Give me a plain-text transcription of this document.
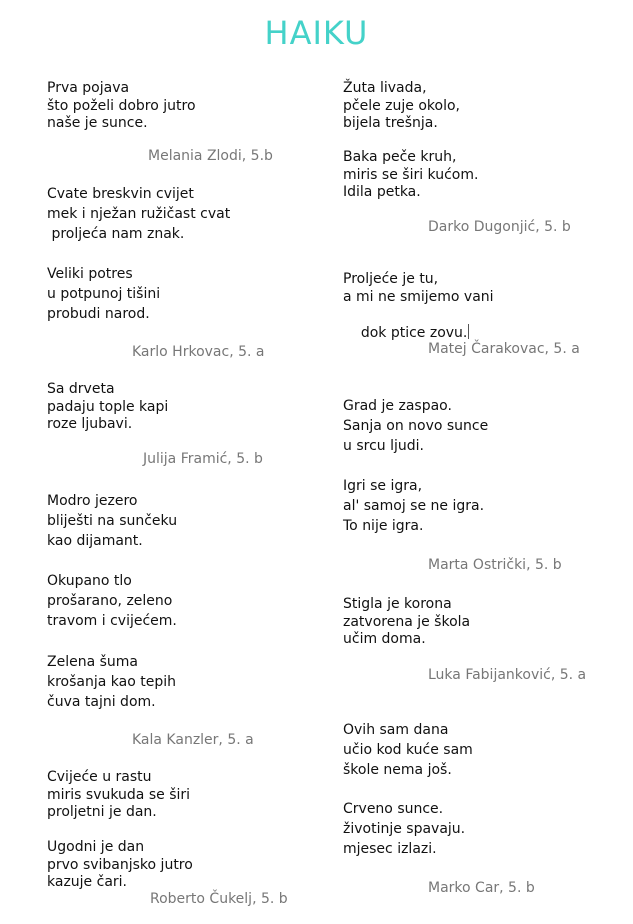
HAIKU
Prva pojava
što poželi dobro jutro
naše je sunce.
Melania Zlodi, 5.b
Cvate breskvin cvijet
mek i nježan ružičast cvat
proljeća nam znak.
Veliki potres
u potpunoj tišini
probudi narod.
Karlo Hrkovac, 5. a
Sa drveta
padaju tople kapi
roze ljubavi.
Julija Framić, 5. b
Modro jezero
bliješti na sunčeku
kao dijamant.
Okupano tlo
prošarano, zeleno
travom i cvijećem.
Zelena šuma
krošanja kao tepih
čuva tajni dom.
Kala Kanzler, 5. a
Cvijeće u rastu
miris svukuda se širi
proljetni je dan.
Ugodni je dan
prvo svibanjsko jutro
kazuje čari.
Roberto Čukelj, 5. b
Žuta livada,
pčele zuje okolo,
bijela trešnja.
Baka peče kruh,
miris se širi kućom.
Idila petka.
Darko Dugonjić, 5. b
Proljeće je tu,
a mi ne smijemo vani

dok ptice zovu.

Matej Čarakovac, 5. a
Grad je zaspao.
Sanja on novo sunce
u srcu ljudi.
Igri se igra,
al' samoj se ne igra.
To nije igra.
Marta Ostrički, 5. b
Stigla je korona
zatvorena je škola
učim doma.
Luka Fabijanković, 5. a
Ovih sam dana
učio kod kuće sam
škole nema još.
Crveno sunce.
životinje spavaju.
mjesec izlazi.
Marko Car, 5. b
